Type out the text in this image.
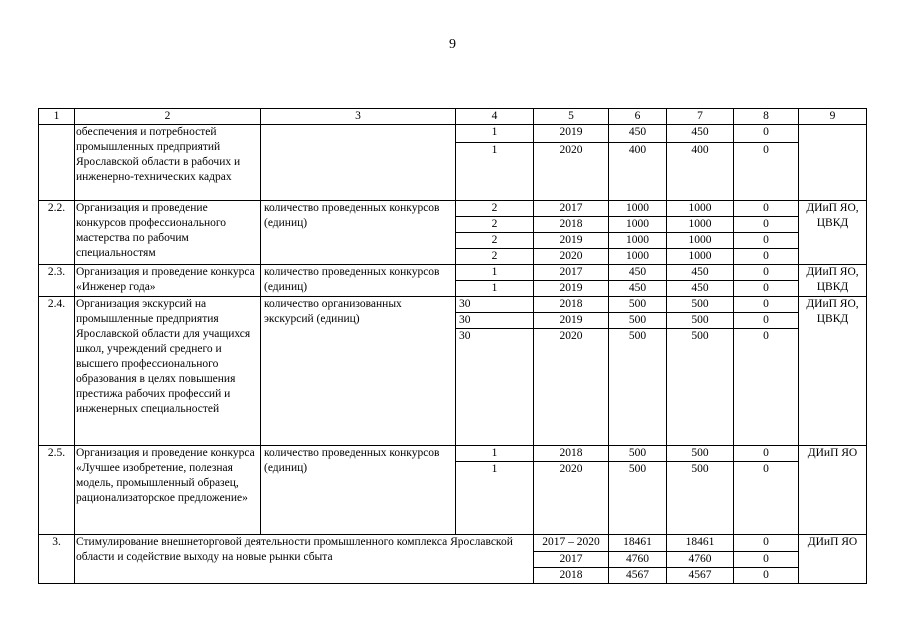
9
1	2	3	4	5	6	7	8	9
	обеспечения и потребностей промышленных предприятий Ярославской области в рабочих и инженерно-технических кадрах		1	2019	450	450	0	
			1	2020	400	400	0	
2.2.	Организация и проведение конкурсов профессионального мастерства по рабочим специальностям	количество проведенных конкурсов (единиц)	2	2017	1000	1000	0	ДИиП ЯО, ЦВКД
			2	2018	1000	1000	0	
			2	2019	1000	1000	0	
			2	2020	1000	1000	0	
2.3.	Организация и проведение конкурса «Инженер года»	количество проведенных конкурсов (единиц)	1	2017	450	450	0	ДИиП ЯО, ЦВКД
			1	2019	450	450	0	
2.4.	Организация экскурсий на промышленные предприятия Ярославской области для учащихся школ, учреждений среднего и высшего профессионального образования в целях повышения престижа рабочих профессий и инженерных специальностей	количество организованных экскурсий (единиц)	30	2018	500	500	0	ДИиП ЯО, ЦВКД
			30	2019	500	500	0	
			30	2020	500	500	0	
2.5.	Организация и проведение конкурса «Лучшее изобретение, полезная модель, промышленный образец, рационализаторское предложение»	количество проведенных конкурсов (единиц)	1	2018	500	500	0	ДИиП ЯО
			1	2020	500	500	0	
3.	Стимулирование внешнеторговой деятельности промышленного комплекса Ярославской области и содействие выходу на новые рынки сбыта			2017 – 2020	18461	18461	0	ДИиП ЯО
				2017	4760	4760	0	
				2018	4567	4567	0	
